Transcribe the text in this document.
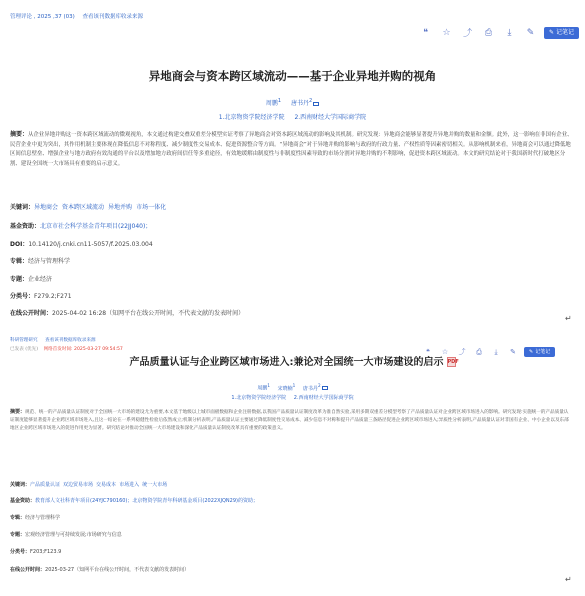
管理评论 , 2025 ,37 (03) 查看该刊数据库收录来源
❝	☆	⤴	⎙	⤓	✎	✎ 记笔记
异地商会与资本跨区域流动——基于企业异地并购的视角
周鹏$^1$ 唐书丹$^2$
1.北京物资学院经济学院 2.西南财经大学国际商学院
摘要：从企业异地并购这一资本跨区域流动的微观视角，本文通过构建交叠双重差分模型实证考察了异地商会对资本跨区域流动的影响及其机制。研究发现：异地商会能够显著提升异地并购的数量和金额。此外，这一影响在非国有企业、民营企业中更为突出，其作用机制主要体现在降低信息不对称程度、减少制度性交易成本、促进资源整合等方面。“异地商会”对于异地并购的影响与政府的行政力量、产权性质等因素密切相关。从影响机制来看，异地商会可以通过降低地区间信息壁垒、增强企业与地方政府有效沟通的平台以及增加地方政府间信任等多重途径，有效地缓解由制度性与非制度性因素导致的市场分割对异地并购的不利影响，促进资本跨区域流动。本文的研究结论对于我国新时代打破地区分割、建设全国统一大市场具有重要的启示意义。
关键词： 异地商会 资本跨区域流动 异地并购 市场一体化
基金资助： 北京市社会科学基金青年项目(22JJ040)；
DOI： 10.14120/j.cnki.cn11-5057/f.2025.03.004
专辑： 经济与管理科学
专题： 企业经济
分类号： F279.2;F271
在线公开时间： 2025-04-02 16:28（知网平台在线公开时间，不代表文献的发表时间）
↵
科研管理研究 查看该刊数据库收录来源
已发表 (优先) 网络首发时间: 2025-03-27 09:54:57	❝	☆	⤴	⎙	⤓	✎	✎ 记笔记
产品质量认证与企业跨区域市场进入:兼论对全国统一大市场建设的启示 PDF
周鹏$^1$ 宋晓楠$^1$ 唐书丹$^2$
1.北京物资学院经济学院 2.西南财经大学国际商学院
摘要：规范、统一的产品质量认证制度对于全国统一大市场的建设尤为重要,本文基于地级以上城市面板数据和企业注册数据,以我国产品质量认证制度改革为准自然实验,采用多期双重差分模型考察了产品质量认证对企业跨区域市场进入的影响。研究发现:实施统一的产品质量认证制度能够显著提升企业跨区域市场进入,且这一结论在一系列稳健性检验后依然成立;机制分析表明,产品质量认证主要通过降低制度性交易成本、减少信息不对称和提升产品质量三条路径促进企业跨区域市场进入;异质性分析表明,产品质量认证对非国有企业、中小企业以及东部地区企业跨区域市场进入的促进作用更为显著。研究结论对推动全国统一大市场建设和深化产品质量认证制度改革具有重要的政策意义。
关键词： 产品质量认证 双边贸易市场 交易成本 市场进入 统一大市场
基金资助： 教育部人文社科青年项目(24YJC790160)；北京物资学院青年科研基金项目(2022XJQN29)的资助；
专辑： 经济与管理科学
专题： 宏观经济管理与可持续发展;市场研究与信息
分类号： F203;F123.9
在线公开时间： 2025-03-27（知网平台在线公开时间，不代表文献的发表时间）
↵
